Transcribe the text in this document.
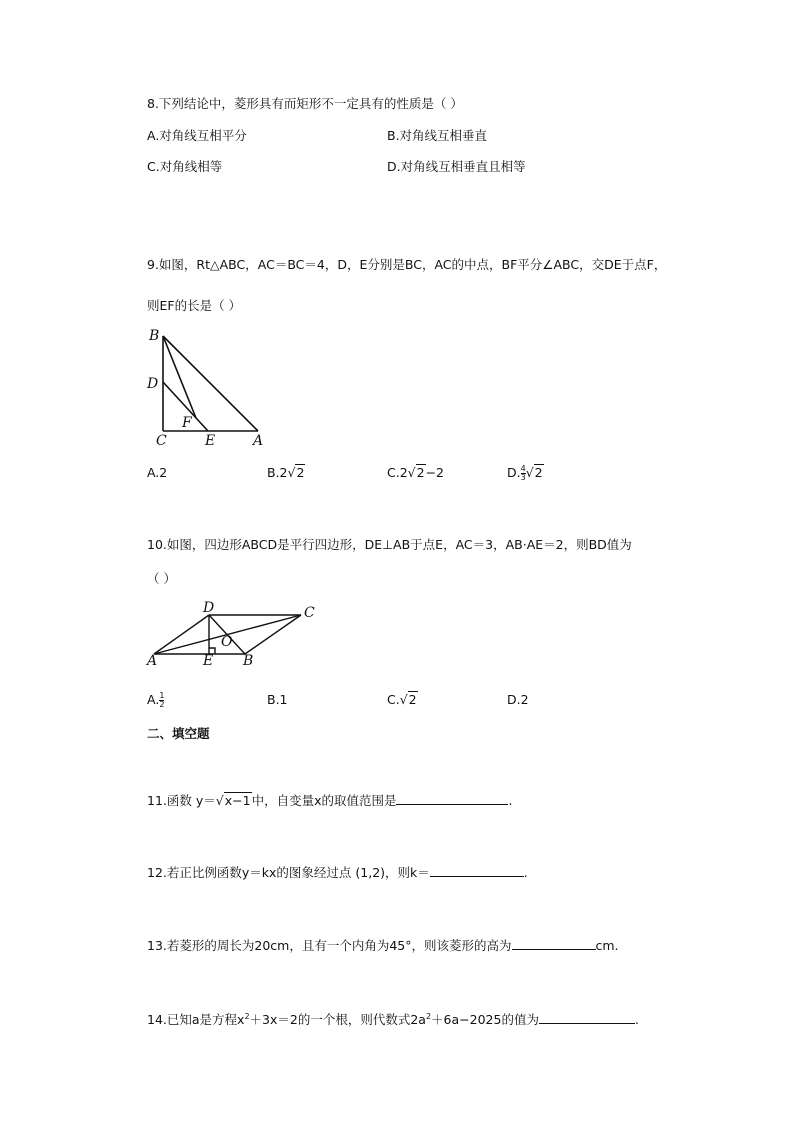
8.下列结论中，菱形具有而矩形不一定具有的性质是（ ）
A.对角线互相平分	B.对角线互相垂直
C.对角线相等	D.对角线互相垂直且相等
9.如图，Rt△ABC，AC＝BC＝4，D，E分别是BC，AC的中点，BF平分∠ABC，交DE于点F，
则EF的长是（ ）
B
D
F
C	E	A
A.2	B.2√2	C.2√2−2	D. $\frac{4}{3} √2$
10.如图，四边形ABCD是平行四边形，DE⊥AB于点E，AC＝3，AB·AE＝2，则BD值为
（ ）
D	C
O
A	E B
A. $\frac{1}{2}$	B.1	C.√2	D.2
二、填空题
11.函数 y＝√x−1中，自变量x的取值范围是	.
12.若正比例函数y＝kx的图象经过点 (1,2)，则k＝	.
13.若菱形的周长为20cm，且有一个内角为45°，则该菱形的高为	cm.
14.已知a是方程$x^2+3x=2$的一个根，则代数式$2a^2+6a-2025$的值为	.
